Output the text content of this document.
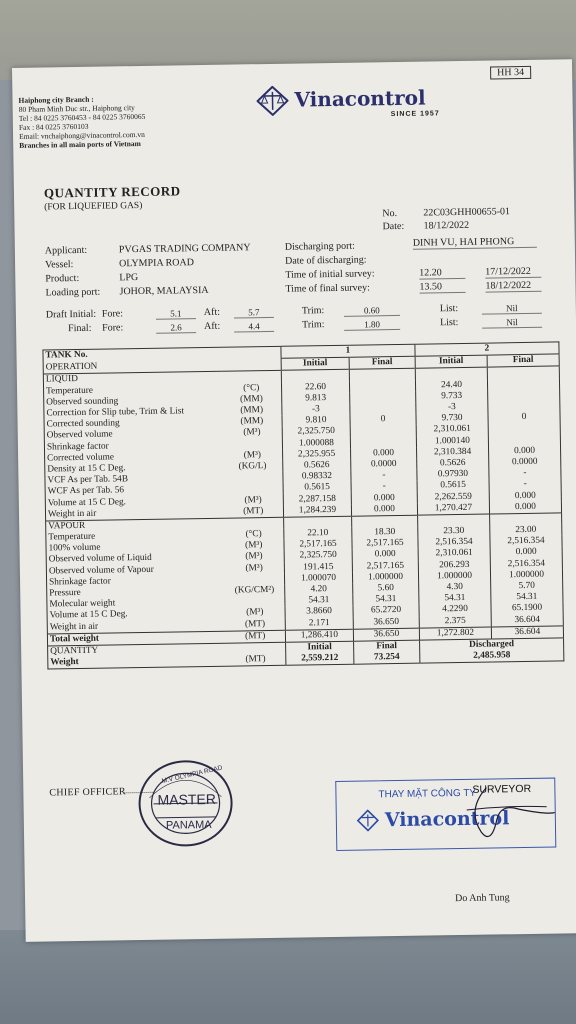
HH 34
Haiphong city Branch :
80 Pham Minh Duc str., Haiphong city
Tel : 84 0225 3760453 - 84 0225 3760065
Fax : 84 0225 3760103
Email: vnchaiphong@vinacontrol.com.vn
Branches in all main ports of Vietnam
Vinacontrol
SINCE 1957
QUANTITY RECORD
(FOR LIQUEFIED GAS)
No.	22C03GHH00655-01
Date: 18/12/2022
Applicant:	PVGAS TRADING COMPANY
Vessel:	OLYMPIA ROAD
Product:	LPG
Loading port: JOHOR, MALAYSIA
Discharging port:	DINH VU, HAI PHONG
Date of discharging:
Time of initial survey:	12.20	17/12/2022
Time of final survey:	13.50	18/12/2022
Draft Initial: Fore:	5.1	Aft:	5.7	Trim:	0.60	List:	Nil
Final: Fore:	2.6	Aft:	4.4	Trim:	1.80	List:	Nil
TANK No.		1		2	
OPERATION		Initial	Final	Initial	Final
LIQUID					
Temperature	(°C)	22.60		24.40	
Observed sounding	(MM)	9.813		9.733	
Correction for Slip tube, Trim & List	(MM)	-3		-3	
Corrected sounding	(MM)	9.810	0	9.730	0
Observed volume	(M³)	2,325.750		2,310.061	
Shrinkage factor		1.000088		1.000140	
Corrected volume	(M³)	2,325.955	0.000	2,310.384	0.000
Density at 15 C Deg.	(KG/L)	0.5626	0.0000	0.5626	0.0000
VCF As per Tab. 54B		0.98332	-	0.97930	-
WCF As per Tab. 56		0.5615	-	0.5615	-
Volume at 15 C Deg.	(M³)	2,287.158	0.000	2,262.559	0.000
Weight in air	(MT)	1,284.239	0.000	1,270.427	0.000
VAPOUR					
Temperature	(°C)	22.10	18.30	23.30	23.00
100% volume	(M³)	2,517.165	2,517.165	2,516.354	2,516.354
Observed volume of Liquid	(M³)	2,325.750	0.000	2,310.061	0.000
Observed volume of Vapour	(M³)	191.415	2,517.165	206.293	2,516.354
Shrinkage factor		1.000070	1.000000	1.000000	1.000000
Pressure	(KG/CM²)	4.20	5.60	4.30	5.70
Molecular weight		54.31	54.31	54.31	54.31
Volume at 15 C Deg.	(M³)	3.8660	65.2720	4.2290	65.1900
Weight in air	(MT)	2.171	36.650	2.375	36.604
Total weight	(MT)	1,286.410	36.650	1,272.802	36.604
QUANTITY		Initial	Final	Discharged	
Weight	(MT)	2,559.212	73.254	2,485.958	
CHIEF OFFICER
M.V OLYMPIA ROAD
MASTER
PANAMA
THAY MẶT CÔNG TY
SURVEYOR
Vinacontrol
Do Anh Tung
